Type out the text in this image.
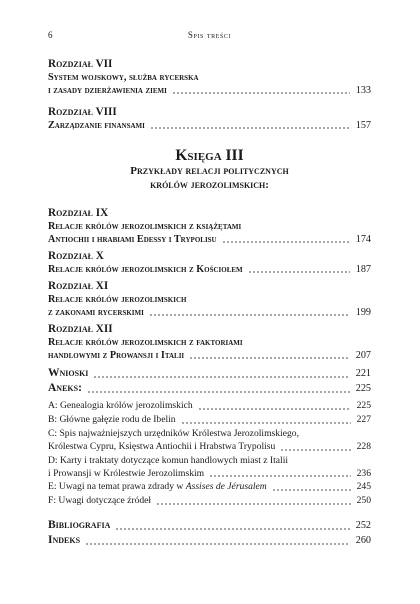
6	Spis treści
Rozdział VII
System wojskowy, służba rycerska
i zasady dzierżawienia ziemi	133
Rozdział VIII
Zarządzanie finansami	157
Księga III
Przykłady relacji politycznych
królów jerozolimskich:
Rozdział IX
Relacje królów jerozolimskich z książętami
Antiochii i hrabiami Edessy i Trypolisu	174
Rozdział X
Relacje królów jerozolimskich z Kościołem	187
Rozdział XI
Relacje królów jerozolimskich
z zakonami rycerskimi	199
Rozdział XII
Relacje królów jerozolimskich z faktoriami
handlowymi z Prowansji i Italii	207
Wnioski	221
Aneks:	225
A: Genealogia królów jerozolimskich	225
B: Główne gałęzie rodu de Ibelin	227
C: Spis najważniejszych urzędników Królestwa Jerozolimskiego,
Królestwa Cypru, Księstwa Antiochii i Hrabstwa Trypolisu	228
D: Karty i traktaty dotyczące komun handlowych miast z Italii
i Prowansji w Królestwie Jerozolimskim	236
E: Uwagi na temat prawa zdrady w Assises de Jérusalem	245
F: Uwagi dotyczące źródeł	250
Bibliografia	252
Indeks	260
